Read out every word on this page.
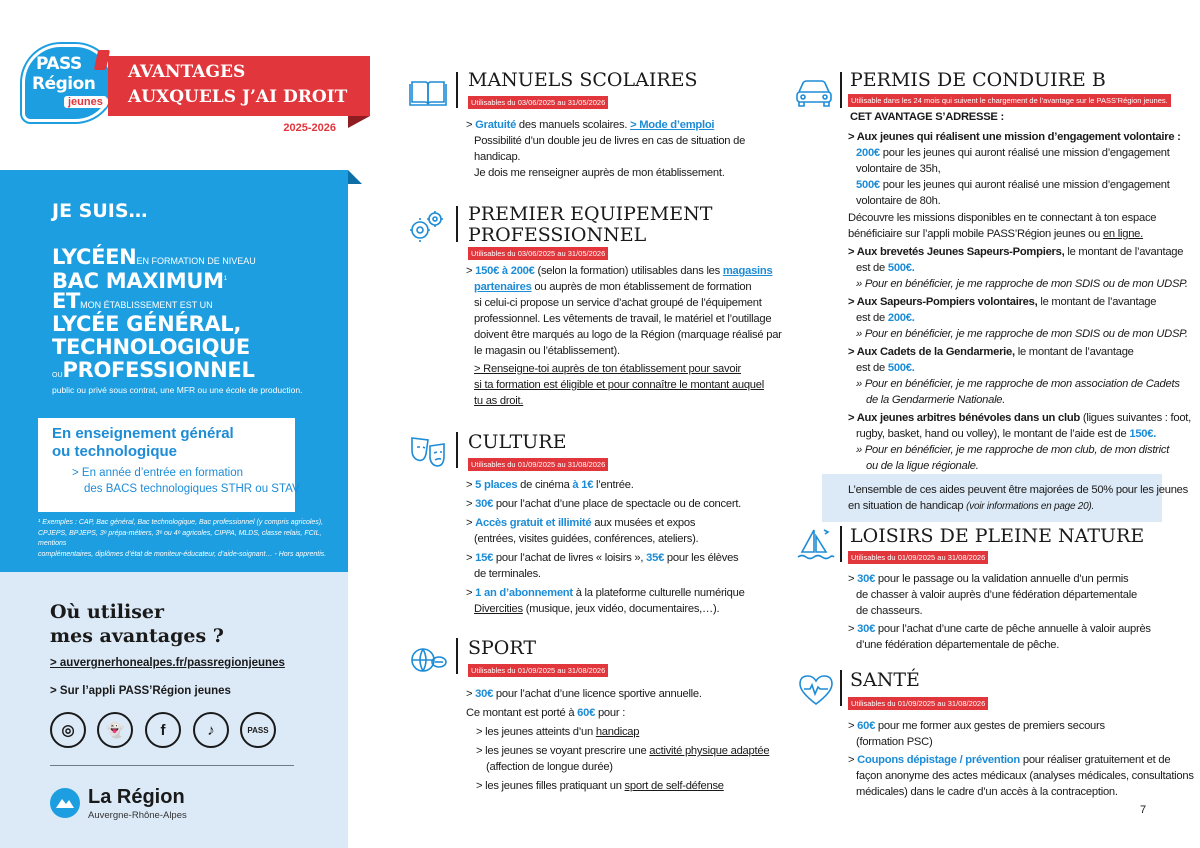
PASS
Région
jeunes
AVANTAGES
AUXQUELS J’AI DROIT
2025-2026
JE SUIS…
LYCÉENEN FORMATION DE NIVEAU
BAC MAXIMUM$^1$
ETMON ÉTABLISSEMENT EST UN
LYCÉE GÉNÉRAL,
TECHNOLOGIQUE
OUPROFESSIONNEL
public ou privé sous contrat, une MFR ou une école de production.
En enseignement général
ou technologique
> En année d’entrée en formation
des BACS technologiques STHR ou STAV
¹ Exemples : CAP, Bac général, Bac technologique, Bac professionnel (y compris agricoles),
CPJEPS, BPJEPS, 3ᵉ prépa-métiers, 3ᵉ ou 4ᵉ agricoles, CIPPA, MLDS, classe relais, FCIL, mentions
complémentaires, diplômes d’état de moniteur-éducateur, d’aide-soignant… - Hors apprentis.
Où utiliser
mes avantages ?
> auvergnerhonealpes.fr/passregionjeunes
> Sur l’appli PASS’Région jeunes
◎	👻	f	♪	PASS
La Région
Auvergne-Rhône-Alpes
MANUELS SCOLAIRES
Utilisables du 03/06/2025 au 31/05/2026
> Gratuité des manuels scolaires. > Mode d’emploi
Possibilité d’un double jeu de livres en cas de situation de
handicap.
Je dois me renseigner auprès de mon établissement.
PREMIER EQUIPEMENT
PROFESSIONNEL
Utilisables du 03/06/2025 au 31/05/2026
> 150€ à 200€ (selon la formation) utilisables dans les magasins
partenaires ou auprès de mon établissement de formation
si celui-ci propose un service d’achat groupé de l’équipement
professionnel. Les vêtements de travail, le matériel et l’outillage
doivent être marqués au logo de la Région (marquage réalisé par
le magasin ou l’établissement).
> Renseigne-toi auprès de ton établissement pour savoir
si ta formation est éligible et pour connaître le montant auquel
tu as droit.
CULTURE
Utilisables du 01/09/2025 au 31/08/2026
> 5 places de cinéma à 1€ l’entrée.
> 30€ pour l’achat d’une place de spectacle ou de concert.
> Accès gratuit et illimité aux musées et expos
(entrées, visites guidées, conférences, ateliers).
> 15€ pour l’achat de livres « loisirs », 35€ pour les élèves
de terminales.
> 1 an d’abonnement à la plateforme culturelle numérique
Divercities (musique, jeux vidéo, documentaires,…).
SPORT
Utilisables du 01/09/2025 au 31/08/2026
> 30€ pour l’achat d’une licence sportive annuelle.
Ce montant est porté à 60€ pour :
> les jeunes atteints d’un handicap
> les jeunes se voyant prescrire une activité physique adaptée
(affection de longue durée)
> les jeunes filles pratiquant un sport de self-défense
PERMIS DE CONDUIRE B
Utilisable dans les 24 mois qui suivent le chargement de l’avantage sur le PASS’Région jeunes.
CET AVANTAGE S’ADRESSE :
> Aux jeunes qui réalisent une mission d’engagement volontaire :
200€ pour les jeunes qui auront réalisé une mission d’engagement
volontaire de 35h,
500€ pour les jeunes qui auront réalisé une mission d’engagement
volontaire de 80h.
Découvre les missions disponibles en te connectant à ton espace
bénéficiaire sur l’appli mobile PASS’Région jeunes ou en ligne.
> Aux brevetés Jeunes Sapeurs-Pompiers, le montant de l’avantage
est de 500€.
» Pour en bénéficier, je me rapproche de mon SDIS ou de mon UDSP.
> Aux Sapeurs-Pompiers volontaires, le montant de l’avantage
est de 200€.
» Pour en bénéficier, je me rapproche de mon SDIS ou de mon UDSP.
> Aux Cadets de la Gendarmerie, le montant de l’avantage
est de 500€.
» Pour en bénéficier, je me rapproche de mon association de Cadets
de la Gendarmerie Nationale.
> Aux jeunes arbitres bénévoles dans un club (ligues suivantes : foot,
rugby, basket, hand ou volley), le montant de l’aide est de 150€.
» Pour en bénéficier, je me rapproche de mon club, de mon district
ou de la ligue régionale.
L’ensemble de ces aides peuvent être majorées de 50% pour les jeunes
en situation de handicap (voir informations en page 20).
LOISIRS DE PLEINE NATURE
Utilisables du 01/09/2025 au 31/08/2026
> 30€ pour le passage ou la validation annuelle d’un permis
de chasser à valoir auprès d’une fédération départementale
de chasseurs.
> 30€ pour l’achat d’une carte de pêche annuelle à valoir auprès
d’une fédération départementale de pêche.
SANTÉ
Utilisables du 01/09/2025 au 31/08/2026
> 60€ pour me former aux gestes de premiers secours
(formation PSC)
> Coupons dépistage / prévention pour réaliser gratuitement et de
façon anonyme des actes médicaux (analyses médicales, consultations
médicales) dans le cadre d’un accès à la contraception.
7
